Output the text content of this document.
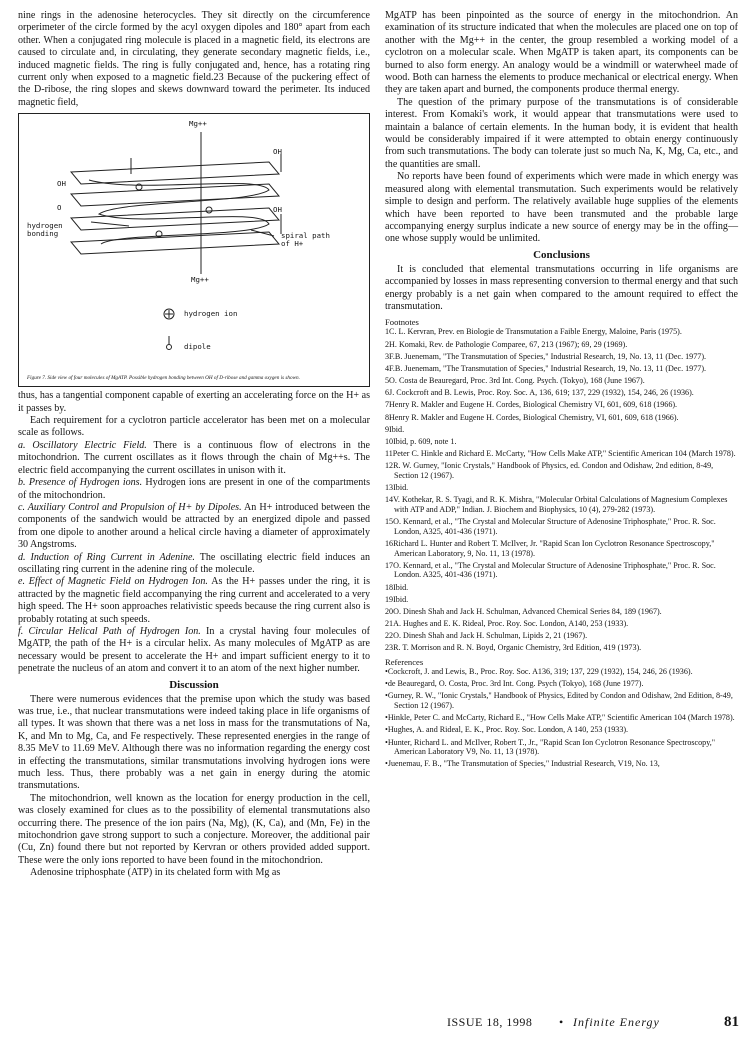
nine rings in the adenosine heterocycles. They sit directly on the circumference orperimeter of the circle formed by the acyl oxygen dipoles and 180° apart from each other. When a conjugated ring molecule is placed in a magnetic field, its electrons are caused to circulate and, in circulating, they generate secondary magnetic fields, i.e., induced magnetic fields. The ring is fully conjugated and, hence, has a rotating ring current only when exposed to a magnetic field.23 Because of the puckering effect of the D-ribose, the ring slopes and skews downward toward the perimeter. Its induced magnetic field,

Mg++
Mg++
OH
OH
O	OH
hydrogen
bonding	spiral path
of H+
hydrogen ion
dipole
Figure 7. Side view of four molecules of MgATP. Possible hydrogen bonding between OH of D-ribose and gamma oxygen is shown.

thus, has a tangential component capable of exerting an accelerating force on the H+ as it passes by.

Each requirement for a cyclotron particle accelerator has been met on a molecular scale as follows.

a. Oscillatory Electric Field. There is a continuous flow of electrons in the mitochondrion. The current oscillates as it flows through the chain of Mg++s. The electric field accompanying the current oscillates in unison with it.

b. Presence of Hydrogen ions. Hydrogen ions are present in one of the compartments of the mitochondrion.

c. Auxiliary Control and Propulsion of H+ by Dipoles. An H+ introduced between the components of the sandwich would be attracted by an energized dipole and passed from one dipole to another around a helical circle having a diameter of approximately 30 Angstroms.

d. Induction of Ring Current in Adenine. The oscillating electric field induces an oscillating ring current in the adenine ring of the molecule.

e. Effect of Magnetic Field on Hydrogen Ion. As the H+ passes under the ring, it is attracted by the magnetic field accompanying the ring current and accelerated to a very high speed. The H+ soon approaches relativistic speeds because the ring current also is probably rotating at such speeds.

f. Circular Helical Path of Hydrogen Ion. In a crystal having four molecules of MgATP, the path of the H+ is a circular helix. As many molecules of MgATP as are necessary would be present to accelerate the H+ and impart sufficient energy to it to penetrate the nucleus of an atom and convert it to an atom of the next higher number.

Discussion

There were numerous evidences that the premise upon which the study was based was true, i.e., that nuclear transmutations were indeed taking place in life organisms of all types. It was shown that there was a net loss in mass for the transmutations of Na, K, and Mn to Mg, Ca, and Fe respectively. These represented energies in the range of 8.35 MeV to 11.69 MeV. Although there was no information regarding the energy cost in effecting the transmutations, similar transmutations involving hydrogen ions were much less. Thus, there probably was a net gain in energy during the atomic transmutations.

The mitochondrion, well known as the location for energy production in the cell, was closely examined for clues as to the possibility of elemental transmutations also occurring there. The presence of the ion pairs (Na, Mg), (K, Ca), and (Mn, Fe) in the mitochondrion gave strong support to such a conjecture. Moreover, the additional pair (Cu, Zn) found there but not reported by Kervran or others provided added support. These were the only ions reported to have been found in the mitochondrion.

Adenosine triphosphate (ATP) in its chelated form with Mg as

MgATP has been pinpointed as the source of energy in the mitochondrion. An examination of its structure indicated that when the molecules are placed one on top of another with the Mg++ in the center, the group resembled a working model of a cyclotron on a molecular scale. When MgATP is taken apart, its components can be burned to also form energy. An analogy would be a windmill or waterwheel made of wood. Both can harness the elements to produce mechanical or electrical energy. When they are taken apart and burned, the components produce thermal energy.

The question of the primary purpose of the transmutations is of considerable interest. From Komaki's work, it would appear that transmutations were used to maintain a balance of certain elements. In the human body, it is evident that health would be considerably impaired if it were attempted to obtain energy continuously from such transmutations. The body can tolerate just so much Na, K, Mg, Ca, etc., and the quantities are small.

No reports have been found of experiments which were made in which energy was measured along with elemental transmutation. Such experiments would be relatively simple to design and perform. The relatively available huge supplies of the elements which have been reported to have been transmuted and the probable large accompanying energy surplus indicate a new source of energy may be in the offing—one whose supply would be unlimited.

Conclusions

It is concluded that elemental transmutations occurring in life organisms are accompanied by losses in mass representing conversion to thermal energy and that such energy probably is a net gain when compared to the amount required to effect the transmutation.

Footnotes

1C. L. Kervran, Prev. en Biologie de Transmutation a Faible Energy, Maloine, Paris (1975).

2H. Komaki, Rev. de Pathologie Comparee, 67, 213 (1967); 69, 29 (1969).

3F.B. Juenemam, "The Transmutation of Species," Industrial Research, 19, No. 13, 11 (Dec. 1977).

4F.B. Juenemam, "The Transmutation of Species," Industrial Research, 19, No. 13, 11 (Dec. 1977).

5O. Costa de Beauregard, Proc. 3rd Int. Cong. Psych. (Tokyo), 168 (June 1967).

6J. Cockcroft and B. Lewis, Proc. Roy. Soc. A, 136, 619; 137, 229 (1932), 154, 246, 26 (1936).

7Henry R. Makler and Eugene H. Cordes, Biological Chemistry VI, 601, 609, 618 (1966).

8Henry R. Makler and Eugene H. Cordes, Biological Chemistry, VI, 601, 609, 618 (1966).

9Ibid.

10Ibid, p. 609, note 1.

11Peter C. Hinkle and Richard E. McCarty, "How Cells Make ATP," Scientific American 104 (March 1978).

12R. W. Gurney, "Ionic Crystals," Handbook of Physics, ed. Condon and Odishaw, 2nd edition, 8-49, Section 12 (1967).

13Ibid.

14V. Kothekar, R. S. Tyagi, and R. K. Mishra, "Molecular Orbital Calculations of Magnesium Complexes with ATP and ADP," Indian. J. Biochem and Biophysics, 10 (4), 279-282 (1973).

15O. Kennard, et al., "The Crystal and Molecular Structure of Adenosine Triphosphate," Proc. R. Soc. London, A325, 401-436 (1971).

16Richard L. Hunter and Robert T. McIlver, Jr. "Rapid Scan Ion Cyclotron Resonance Spectroscopy," American Laboratory, 9, No. 11, 13 (1978).

17O. Kennard, et al., "The Crystal and Molecular Structure of Adenosine Triphosphate," Proc. R. Soc. London. A325, 401-436 (1971).

18Ibid.

19Ibid.

20O. Dinesh Shah and Jack H. Schulman, Advanced Chemical Series 84, 189 (1967).

21A. Hughes and E. K. Rideal, Proc. Roy. Soc. London, A140, 253 (1933).

22O. Dinesh Shah and Jack H. Schulman, Lipids 2, 21 (1967).

23R. T. Morrison and R. N. Boyd, Organic Chemistry, 3rd Edition, 419 (1973).

References

•Cockcroft, J. and Lewis, B., Proc. Roy. Soc. A136, 319; 137, 229 (1932), 154, 246, 26 (1936).

•de Beauregard, O. Costa, Proc. 3rd Int. Cong. Psych (Tokyo), 168 (June 1977).

•Gurney, R. W., "Ionic Crystals," Handbook of Physics, Edited by Condon and Odishaw, 2nd Edition, 8-49, Section 12 (1967).

•Hinkle, Peter C. and McCarty, Richard E., "How Cells Make ATP," Scientific American 104 (March 1978).

•Hughes, A. and Rideal, E. K., Proc. Roy. Soc. London, A 140, 253 (1933).

•Hunter, Richard L. and McIlver, Robert T., Jr., "Rapid Scan Ion Cyclotron Resonance Spectroscopy," American Laboratory V9, No. 11, 13 (1978).

•Juenemau, F. B., "The Transmutation of Species," Industrial Research, V19, No. 13,

ISSUE 18, 1998 • Infinite Energy	81
